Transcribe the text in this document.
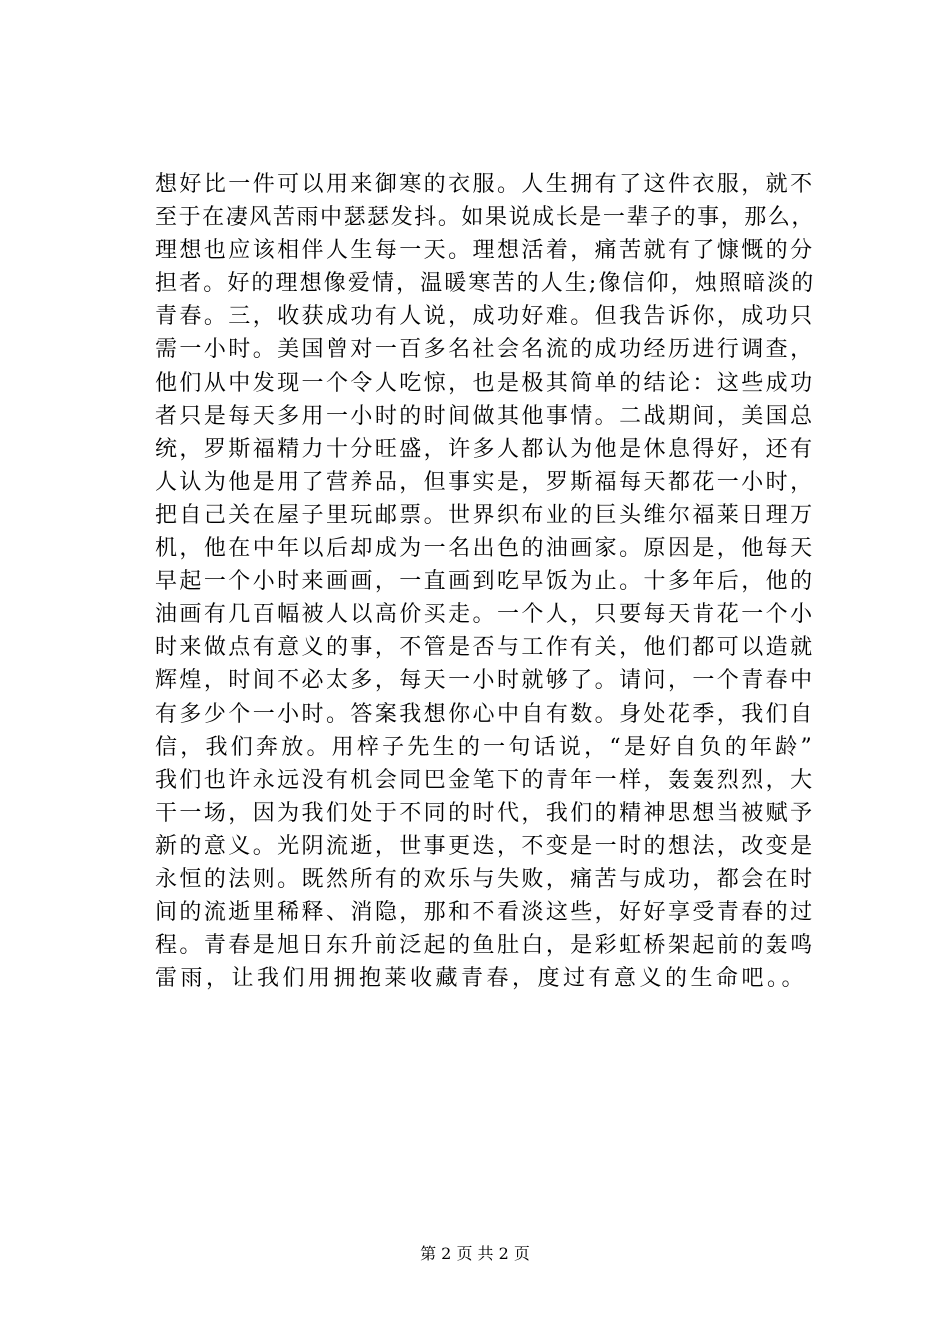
想好比一件可以用来御寒的衣服。人生拥有了这件衣服，就不
至于在凄风苦雨中瑟瑟发抖。如果说成长是一辈子的事，那么，
理想也应该相伴人生每一天。理想活着，痛苦就有了慷慨的分
担者。好的理想像爱情，温暖寒苦的人生;像信仰，烛照暗淡的
青春。三，收获成功有人说，成功好难。但我告诉你，成功只
需一小时。美国曾对一百多名社会名流的成功经历进行调查，
他们从中发现一个令人吃惊，也是极其简单的结论：这些成功
者只是每天多用一小时的时间做其他事情。二战期间，美国总
统，罗斯福精力十分旺盛，许多人都认为他是休息得好，还有
人认为他是用了营养品，但事实是，罗斯福每天都花一小时，
把自己关在屋子里玩邮票。世界织布业的巨头维尔福莱日理万
机，他在中年以后却成为一名出色的油画家。原因是，他每天
早起一个小时来画画，一直画到吃早饭为止。十多年后，他的
油画有几百幅被人以高价买走。一个人，只要每天肯花一个小
时来做点有意义的事，不管是否与工作有关，他们都可以造就
辉煌，时间不必太多，每天一小时就够了。请问，一个青春中
有多少个一小时。答案我想你心中自有数。身处花季，我们自
信，我们奔放。用梓子先生的一句话说，“是好自负的年龄”
我们也许永远没有机会同巴金笔下的青年一样，轰轰烈烈，大
干一场，因为我们处于不同的时代，我们的精神思想当被赋予
新的意义。光阴流逝，世事更迭，不变是一时的想法，改变是
永恒的法则。既然所有的欢乐与失败，痛苦与成功，都会在时
间的流逝里稀释、消隐，那和不看淡这些，好好享受青春的过
程。青春是旭日东升前泛起的鱼肚白，是彩虹桥架起前的轰鸣
雷雨，让我们用拥抱莱收藏青春，度过有意义的生命吧。。
第 2 页 共 2 页
